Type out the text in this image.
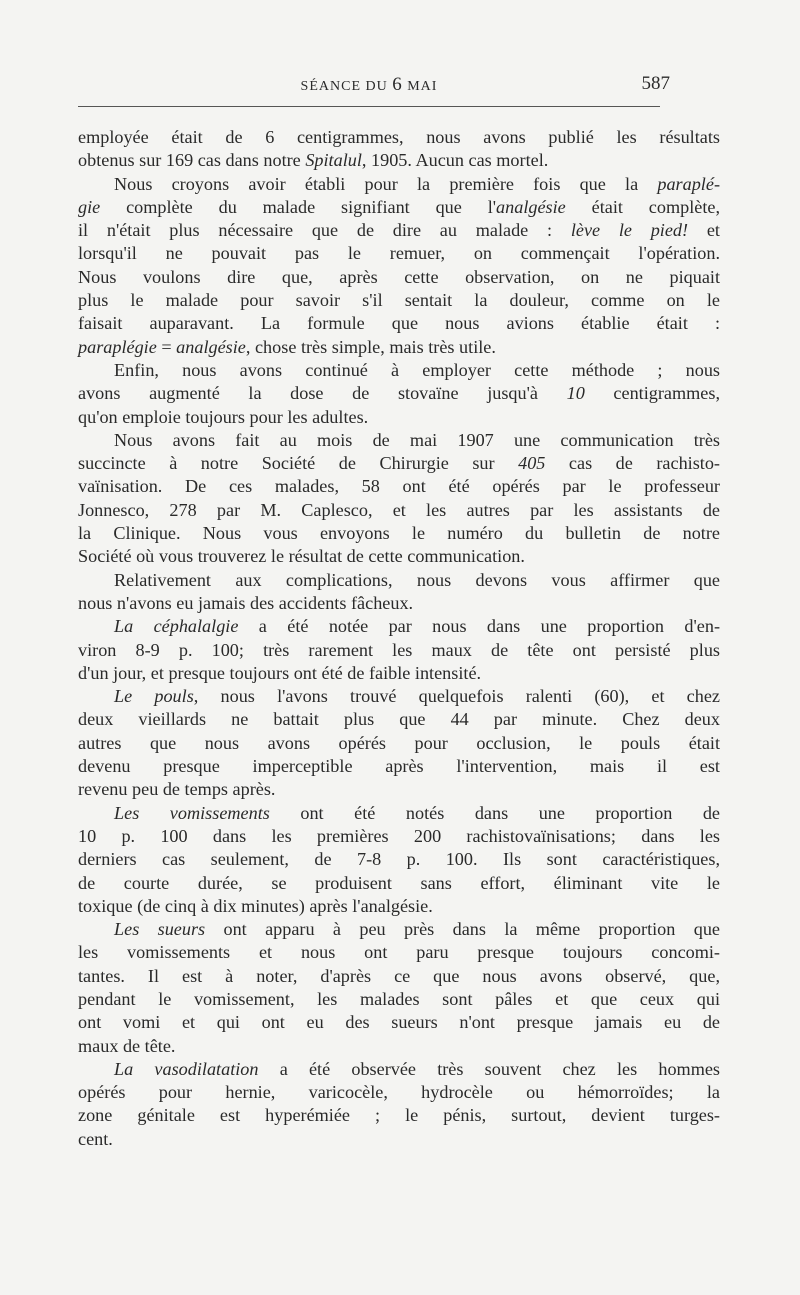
SÉANCE DU 6 MAI	587
employée était de 6 centigrammes, nous avons publié les résultats
obtenus sur 169 cas dans notre Spitalul, 1905. Aucun cas mortel.
Nous croyons avoir établi pour la première fois que la paraplé-
gie complète du malade signifiant que l'analgésie était complète,
il n'était plus nécessaire que de dire au malade : lève le pied! et
lorsqu'il ne pouvait pas le remuer, on commençait l'opération.
Nous voulons dire que, après cette observation, on ne piquait
plus le malade pour savoir s'il sentait la douleur, comme on le
faisait auparavant. La formule que nous avions établie était :
paraplégie = analgésie, chose très simple, mais très utile.
Enfin, nous avons continué à employer cette méthode ; nous
avons augmenté la dose de stovaïne jusqu'à 10 centigrammes,
qu'on emploie toujours pour les adultes.
Nous avons fait au mois de mai 1907 une communication très
succincte à notre Société de Chirurgie sur 405 cas de rachisto-
vaïnisation. De ces malades, 58 ont été opérés par le professeur
Jonnesco, 278 par M. Caplesco, et les autres par les assistants de
la Clinique. Nous vous envoyons le numéro du bulletin de notre
Société où vous trouverez le résultat de cette communication.
Relativement aux complications, nous devons vous affirmer que
nous n'avons eu jamais des accidents fâcheux.
La céphalalgie a été notée par nous dans une proportion d'en-
viron 8-9 p. 100; très rarement les maux de tête ont persisté plus
d'un jour, et presque toujours ont été de faible intensité.
Le pouls, nous l'avons trouvé quelquefois ralenti (60), et chez
deux vieillards ne battait plus que 44 par minute. Chez deux
autres que nous avons opérés pour occlusion, le pouls était
devenu presque imperceptible après l'intervention, mais il est
revenu peu de temps après.
Les vomissements ont été notés dans une proportion de
10 p. 100 dans les premières 200 rachistovaïnisations; dans les
derniers cas seulement, de 7-8 p. 100. Ils sont caractéristiques,
de courte durée, se produisent sans effort, éliminant vite le
toxique (de cinq à dix minutes) après l'analgésie.
Les sueurs ont apparu à peu près dans la même proportion que
les vomissements et nous ont paru presque toujours concomi-
tantes. Il est à noter, d'après ce que nous avons observé, que,
pendant le vomissement, les malades sont pâles et que ceux qui
ont vomi et qui ont eu des sueurs n'ont presque jamais eu de
maux de tête.
La vasodilatation a été observée très souvent chez les hommes
opérés pour hernie, varicocèle, hydrocèle ou hémorroïdes; la
zone génitale est hyperémiée ; le pénis, surtout, devient turges-
cent.
